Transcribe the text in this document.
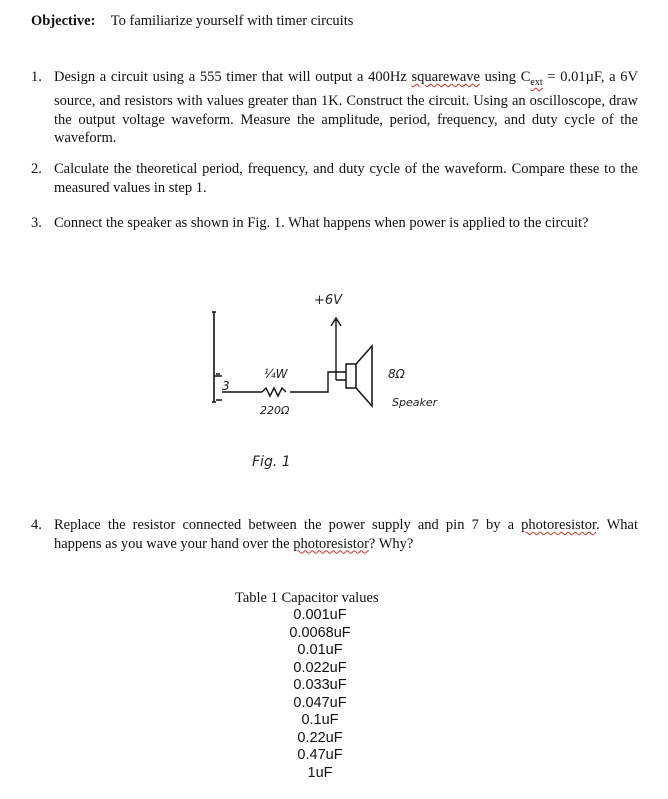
Objective: To familiarize yourself with timer circuits
1. Design a circuit using a 555 timer that will output a 400Hz squarewave using $C_{ext} = 0.01\mu F$, a 6V source, and resistors with values greater than 1K. Construct the circuit. Using an oscilloscope, draw the output voltage waveform. Measure the amplitude, period, frequency, and duty cycle of the waveform.
2. Calculate the theoretical period, frequency, and duty cycle of the waveform. Compare these to the measured values in step 1.
3. Connect the speaker as shown in Fig. 1. What happens when power is applied to the circuit?
3
¼W
220Ω
+6V
8Ω
Speaker
Fig. 1
4. Replace the resistor connected between the power supply and pin 7 by a photoresistor. What happens as you wave your hand over the photoresistor? Why?
Table 1 Capacitor values
0.001uF
0.0068uF
0.01uF
0.022uF
0.033uF
0.047uF
0.1uF
0.22uF
0.47uF
1uF
